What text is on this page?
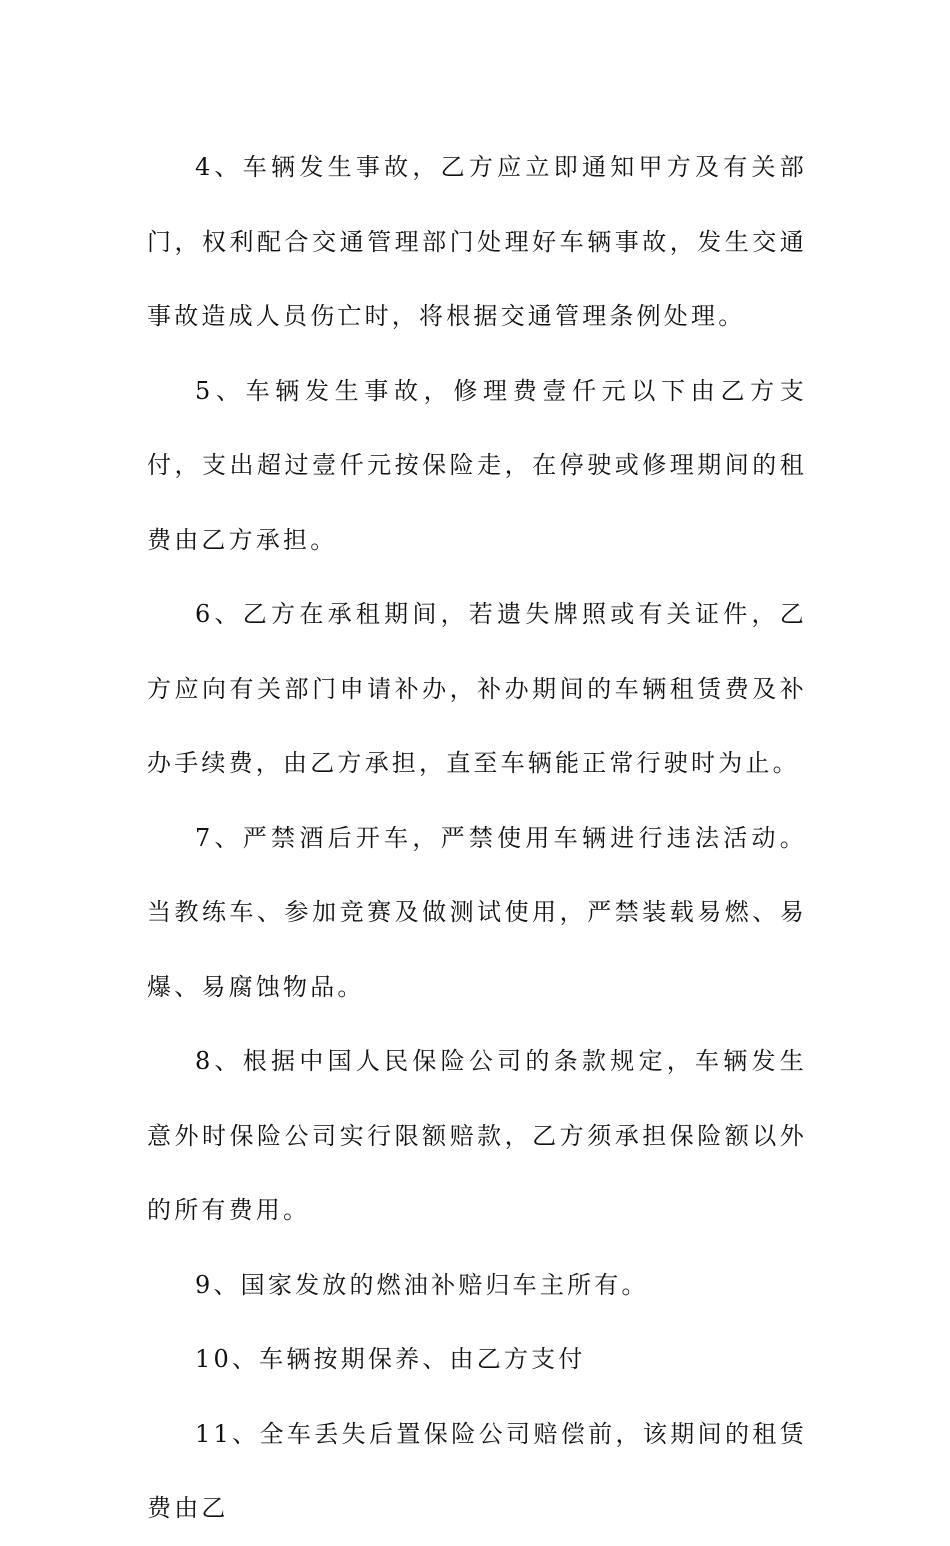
4、车辆发生事故，乙方应立即通知甲方及有关部门，权利配合交通管理部门处理好车辆事故，发生交通事故造成人员伤亡时，将根据交通管理条例处理。

5、车辆发生事故，修理费壹仟元以下由乙方支付，支出超过壹仟元按保险走，在停驶或修理期间的租费由乙方承担。

6、乙方在承租期间，若遗失牌照或有关证件，乙方应向有关部门申请补办，补办期间的车辆租赁费及补办手续费，由乙方承担，直至车辆能正常行驶时为止。

7、严禁酒后开车，严禁使用车辆进行违法活动。当教练车、参加竞赛及做测试使用，严禁装载易燃、易爆、易腐蚀物品。

8、根据中国人民保险公司的条款规定，车辆发生意外时保险公司实行限额赔款，乙方须承担保险额以外的所有费用。

9、国家发放的燃油补赔归车主所有。

10、车辆按期保养、由乙方支付

11、全车丢失后置保险公司赔偿前，该期间的租赁费由乙
